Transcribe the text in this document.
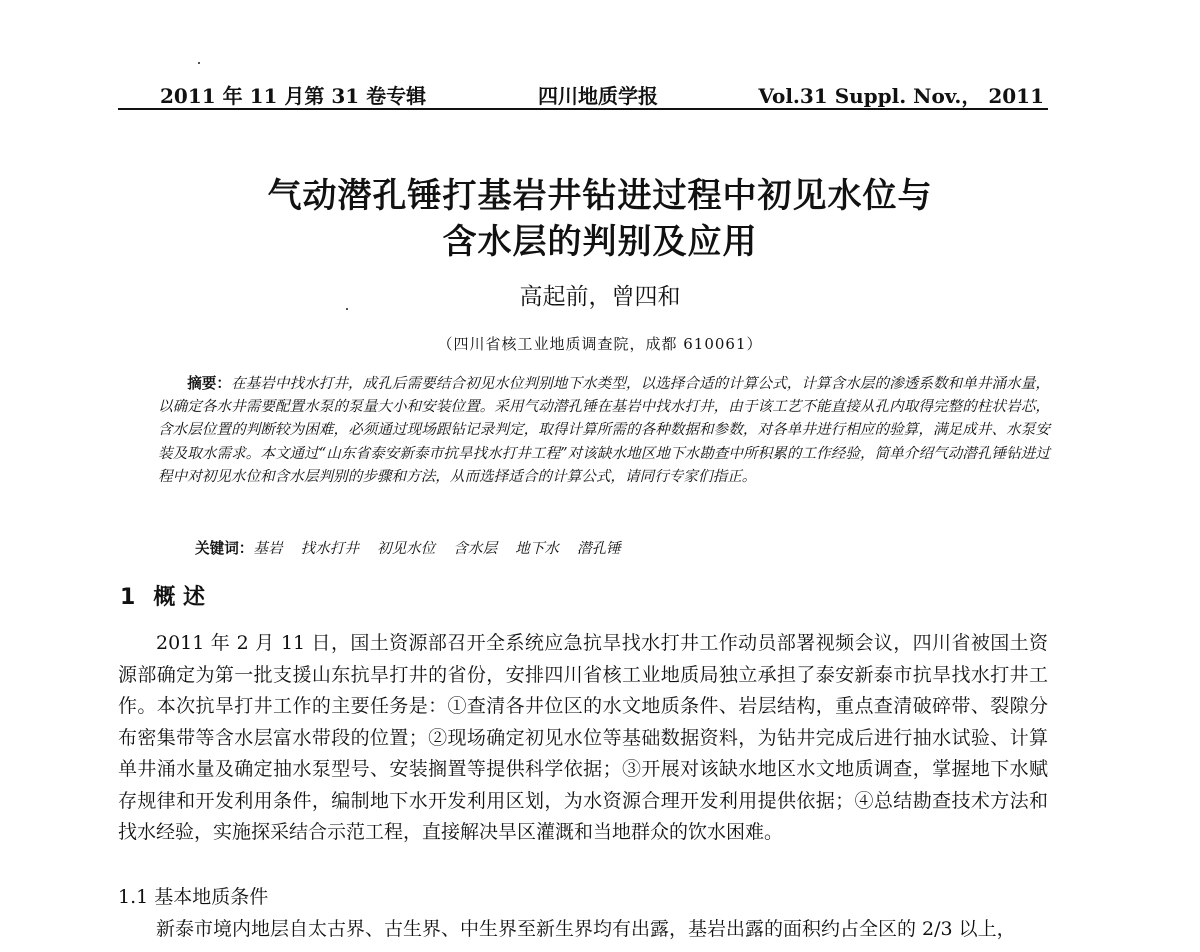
2011 年 11 月第 31 卷专辑	四川地质学报	Vol.31 Suppl. Nov.， 2011
气动潜孔锤打基岩井钻进过程中初见水位与
含水层的判别及应用
高起前，曾四和
（四川省核工业地质调查院，成都 610061）
摘要：在基岩中找水打井，成孔后需要结合初见水位判别地下水类型，以选择合适的计算公式，计算含水层的渗透系数和单井涌水量，以确定各水井需要配置水泵的泵量大小和安装位置。采用气动潜孔锤在基岩中找水打井，由于该工艺不能直接从孔内取得完整的柱状岩芯，含水层位置的判断较为困难，必须通过现场跟钻记录判定，取得计算所需的各种数据和参数，对各单井进行相应的验算，满足成井、水泵安装及取水需求。本文通过“山东省泰安新泰市抗旱找水打井工程”对该缺水地区地下水勘查中所积累的工作经验，简单介绍气动潜孔锤钻进过程中对初见水位和含水层判别的步骤和方法，从而选择适合的计算公式，请同行专家们指正。
关键词：基岩 找水打井 初见水位 含水层 地下水 潜孔锤
1 概 述

2011 年 2 月 11 日，国土资源部召开全系统应急抗旱找水打井工作动员部署视频会议，四川省被国土资源部确定为第一批支援山东抗旱打井的省份，安排四川省核工业地质局独立承担了泰安新泰市抗旱找水打井工作。本次抗旱打井工作的主要任务是：①查清各井位区的水文地质条件、岩层结构，重点查清破碎带、裂隙分布密集带等含水层富水带段的位置；②现场确定初见水位等基础数据资料，为钻井完成后进行抽水试验、计算单井涌水量及确定抽水泵型号、安装搁置等提供科学依据；③开展对该缺水地区水文地质调查，掌握地下水赋存规律和开发利用条件，编制地下水开发利用区划，为水资源合理开发利用提供依据；④总结勘查技术方法和找水经验，实施探采结合示范工程，直接解决旱区灌溉和当地群众的饮水困难。

1.1 基本地质条件
新泰市境内地层自太古界、古生界、中生界至新生界均有出露，基岩出露的面积约占全区的 2/3 以上，
